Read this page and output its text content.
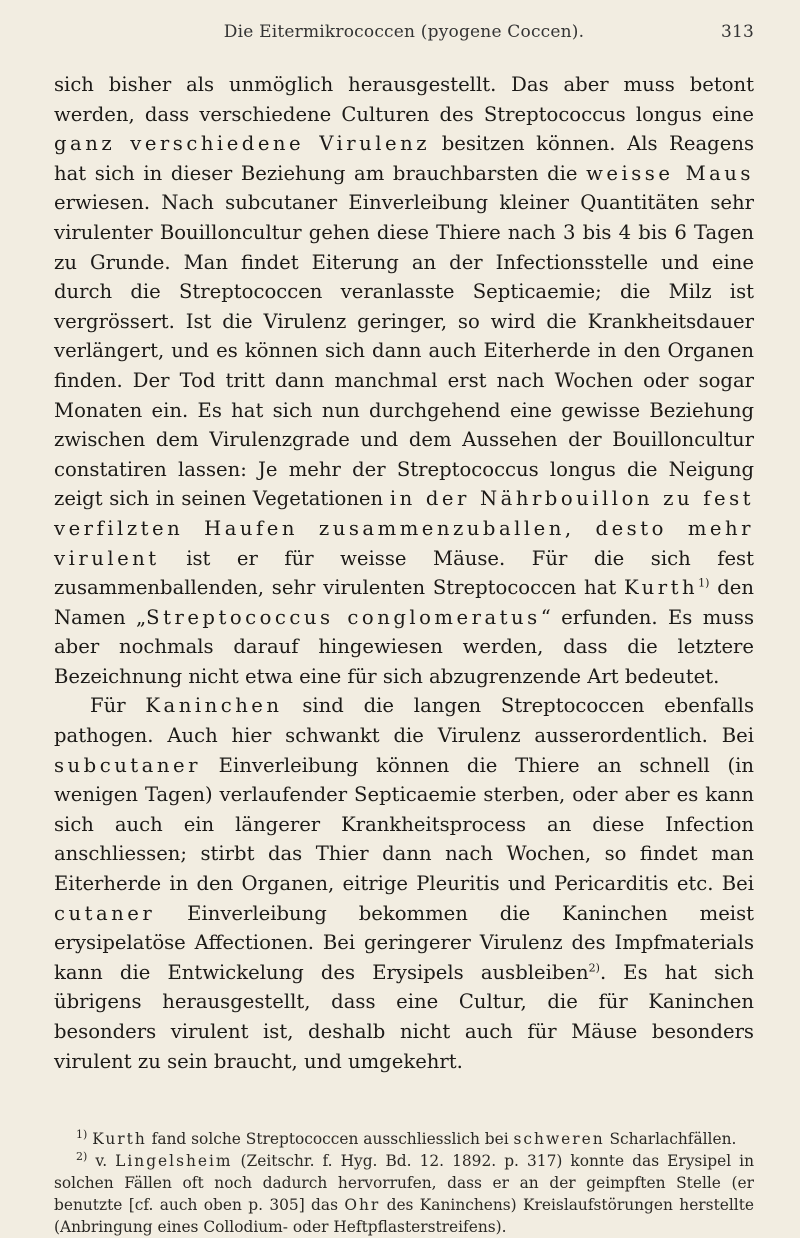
Die Eitermikrococcen (pyogene Coccen).	313

sich bisher als unmöglich herausgestellt. Das aber muss betont werden, dass verschiedene Culturen des Streptococcus longus eine ganz verschiedene Virulenz besitzen können. Als Reagens hat sich in dieser Beziehung am brauchbarsten die weisse Maus erwiesen. Nach subcutaner Einverleibung kleiner Quantitäten sehr virulenter Bouilloncultur gehen diese Thiere nach 3 bis 4 bis 6 Tagen zu Grunde. Man findet Eiterung an der Infectionsstelle und eine durch die Streptococcen veranlasste Septicaemie; die Milz ist vergrössert. Ist die Virulenz geringer, so wird die Krankheitsdauer verlängert, und es können sich dann auch Eiterherde in den Organen finden. Der Tod tritt dann manchmal erst nach Wochen oder sogar Monaten ein. Es hat sich nun durchgehend eine gewisse Beziehung zwischen dem Virulenzgrade und dem Aussehen der Bouilloncultur constatiren lassen: Je mehr der Streptococcus longus die Neigung zeigt sich in seinen Vegetationen in der Nährbouillon zu fest verfilzten Haufen zusammenzuballen, desto mehr virulent ist er für weisse Mäuse. Für die sich fest zusammenballenden, sehr virulenten Streptococcen hat Kurth$^{1)}$ den Namen „Streptococcus conglomeratus“ erfunden. Es muss aber nochmals darauf hingewiesen werden, dass die letztere Bezeichnung nicht etwa eine für sich abzugrenzende Art bedeutet.

Für Kaninchen sind die langen Streptococcen ebenfalls pathogen. Auch hier schwankt die Virulenz ausserordentlich. Bei subcutaner Einverleibung können die Thiere an schnell (in wenigen Tagen) verlaufender Septicaemie sterben, oder aber es kann sich auch ein längerer Krankheitsprocess an diese Infection anschliessen; stirbt das Thier dann nach Wochen, so findet man Eiterherde in den Organen, eitrige Pleuritis und Pericarditis etc. Bei cutaner Einverleibung bekommen die Kaninchen meist erysipelatöse Affectionen. Bei geringerer Virulenz des Impfmaterials kann die Entwickelung des Erysipels ausbleiben$^{2)}$. Es hat sich übrigens herausgestellt, dass eine Cultur, die für Kaninchen besonders virulent ist, deshalb nicht auch für Mäuse besonders virulent zu sein braucht, und umgekehrt.

$^{1)}$ Kurth fand solche Streptococcen ausschliesslich bei schweren Scharlachfällen.

$^{2)}$ v. Lingelsheim (Zeitschr. f. Hyg. Bd. 12. 1892. p. 317) konnte das Erysipel in solchen Fällen oft noch dadurch hervorrufen, dass er an der geimpften Stelle (er benutzte [cf. auch oben p. 305] das Ohr des Kaninchens) Kreislaufstörungen herstellte (Anbringung eines Collodium- oder Heftpflasterstreifens).
